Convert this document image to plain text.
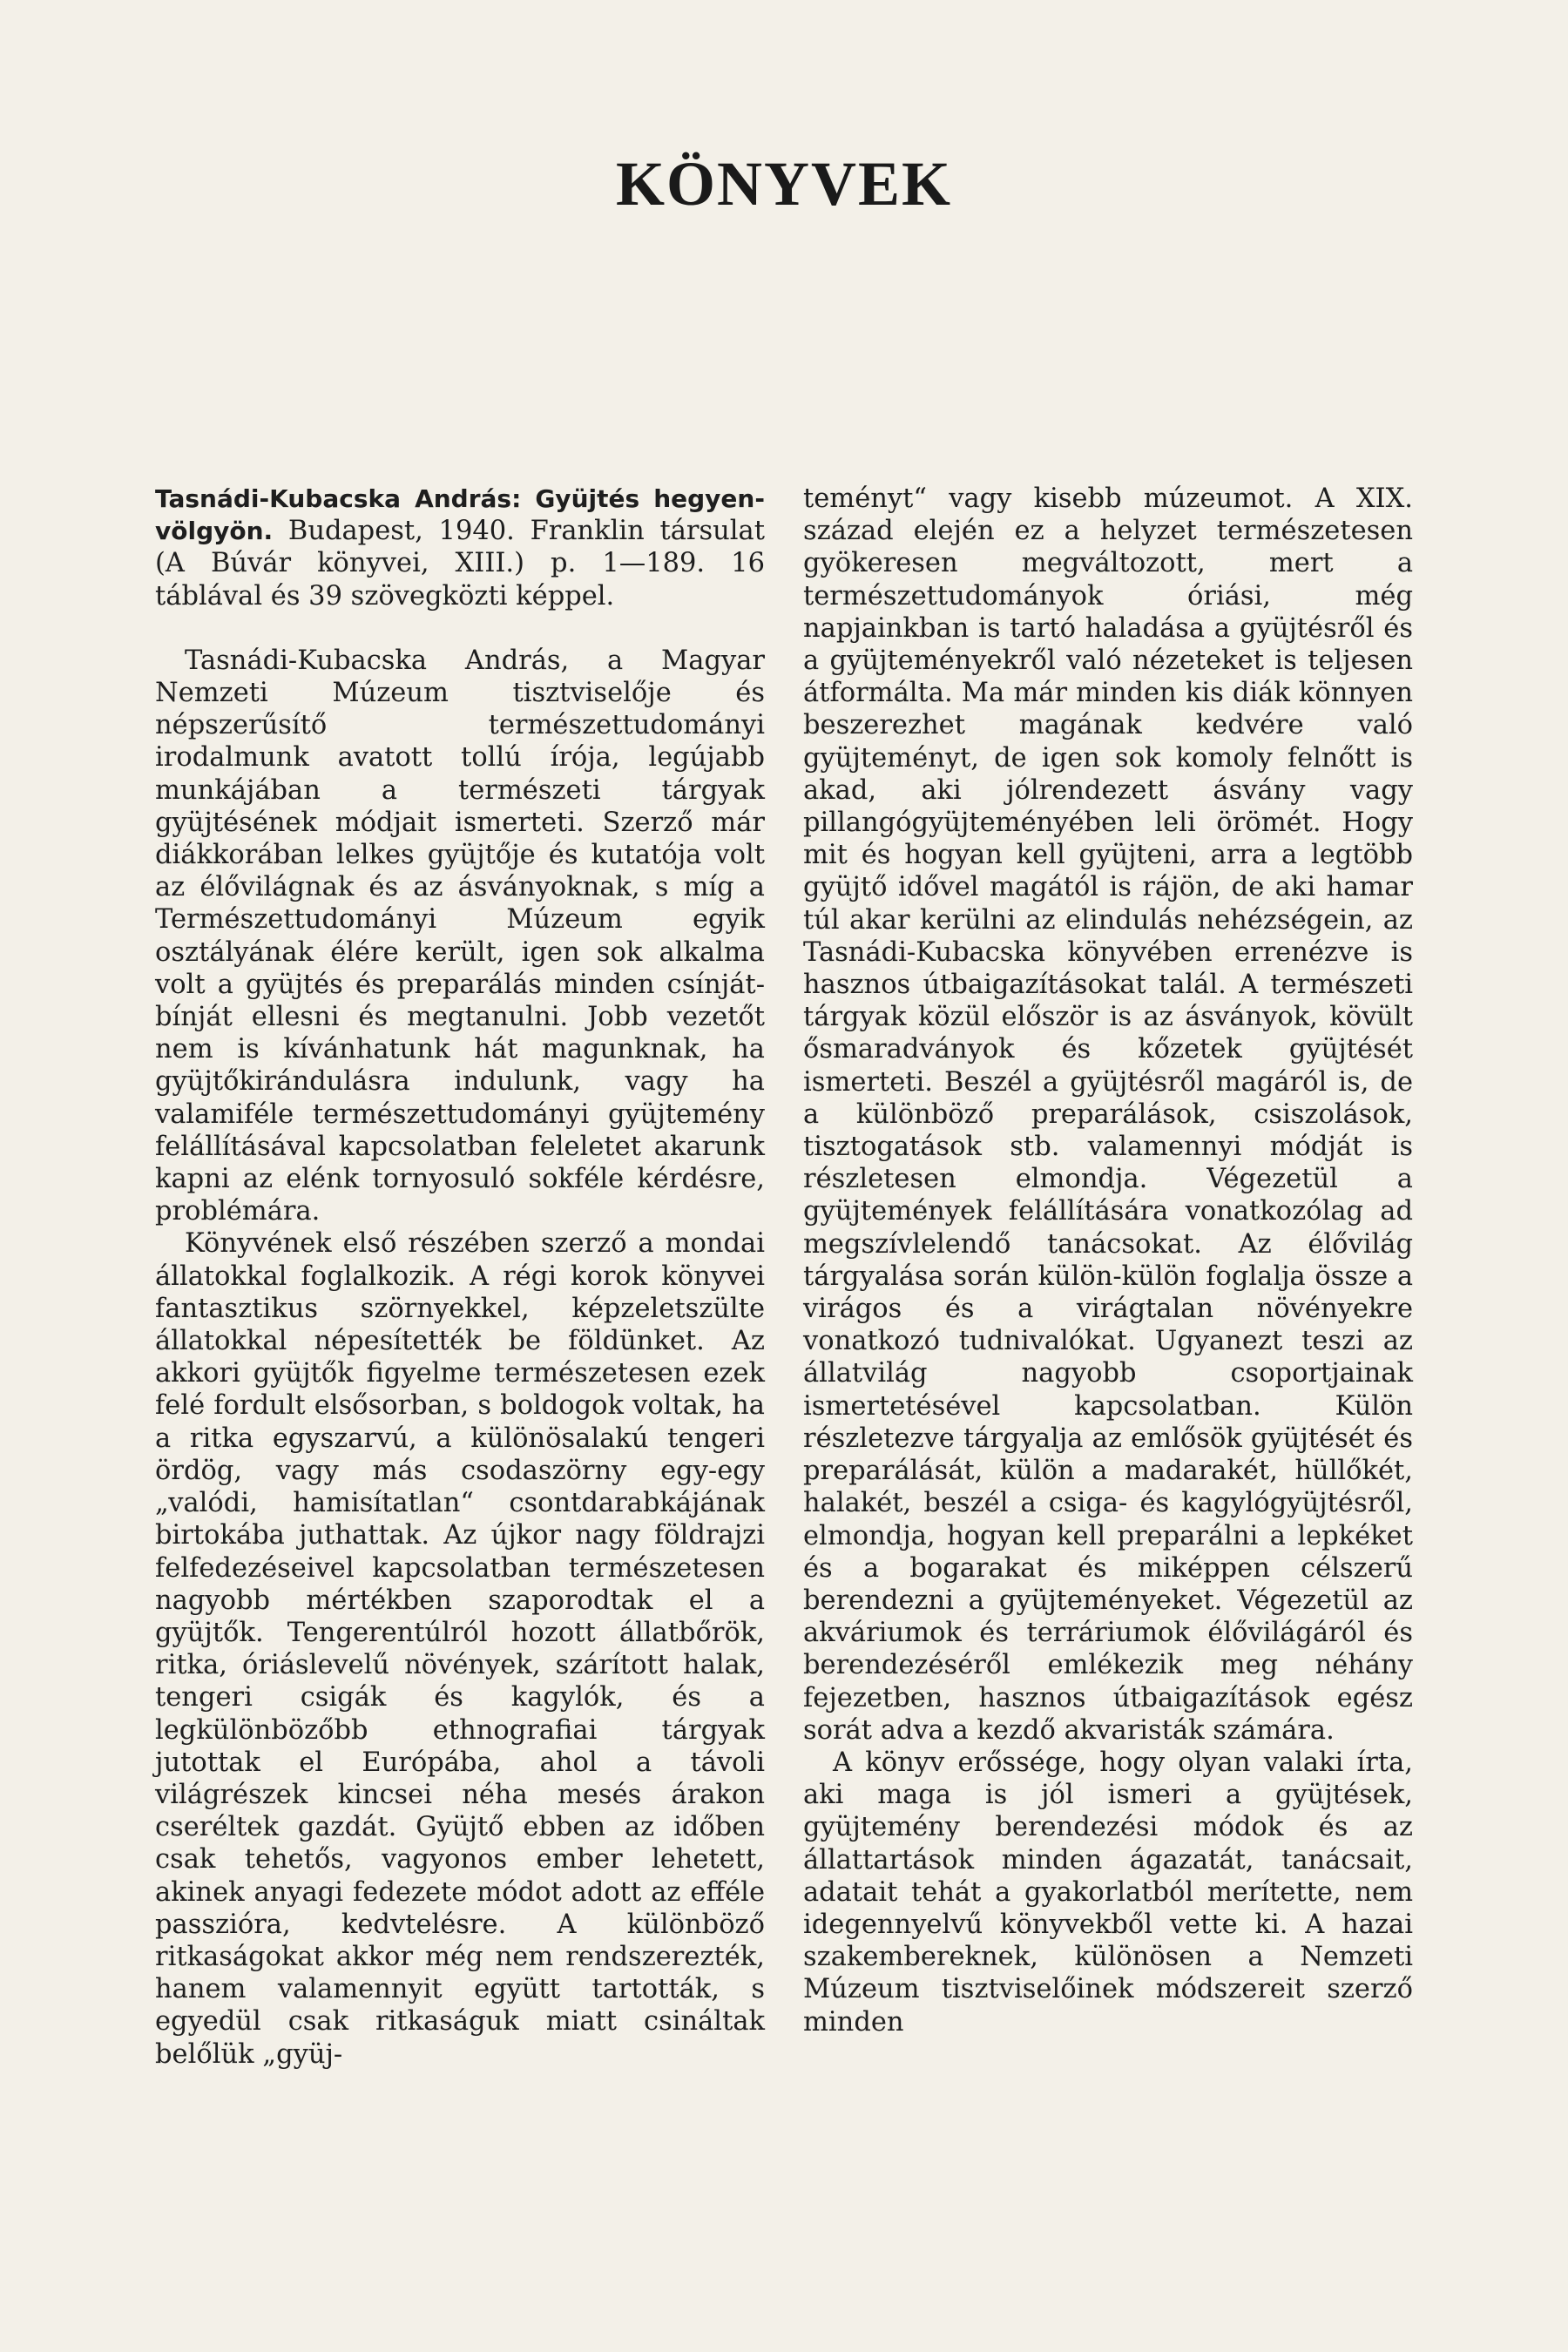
KÖNYVEK

Tasnádi-Kubacska András: Gyüjtés hegyen-völgyön. Budapest, 1940. Franklin társulat (A Búvár könyvei, XIII.) p. 1—189. 16 táblával és 39 szövegközti képpel.

Tasnádi-Kubacska András, a Magyar Nemzeti Múzeum tisztviselője és népszerűsítő természettudományi irodalmunk avatott tollú írója, legújabb munkájában a természeti tárgyak gyüjtésének módjait ismerteti. Szerző már diákkorában lelkes gyüjtője és kutatója volt az élővilágnak és az ásványoknak, s míg a Természettudományi Múzeum egyik osztályának élére került, igen sok alkalma volt a gyüjtés és preparálás minden csínját-bínját ellesni és megtanulni. Jobb vezetőt nem is kívánhatunk hát magunknak, ha gyüjtőkirándulásra indulunk, vagy ha valamiféle természettudományi gyüjtemény felállításával kapcsolatban feleletet akarunk kapni az elénk tornyosuló sokféle kérdésre, problémára.

Könyvének első részében szerző a mondai állatokkal foglalkozik. A régi korok könyvei fantasztikus szörnyekkel, képzeletszülte állatokkal népesítették be földünket. Az akkori gyüjtők figyelme természetesen ezek felé fordult elsősorban, s boldogok voltak, ha a ritka egyszarvú, a különösalakú tengeri ördög, vagy más csodaszörny egy-egy „valódi, hamisítatlan“ csontdarabkájának birtokába juthattak. Az újkor nagy földrajzi felfedezéseivel kapcsolatban természetesen nagyobb mértékben szaporodtak el a gyüjtők. Tengerentúlról hozott állatbőrök, ritka, óriáslevelű növények, szárított halak, tengeri csigák és kagylók, és a legkülönbözőbb ethnografiai tárgyak jutottak el Európába, ahol a távoli világrészek kincsei néha mesés árakon cseréltek gazdát. Gyüjtő ebben az időben csak tehetős, vagyonos ember lehetett, akinek anyagi fedezete módot adott az efféle passzióra, kedvtelésre. A különböző ritkaságokat akkor még nem rendszerezték, hanem valamennyit együtt tartották, s egyedül csak ritkaságuk miatt csináltak belőlük „gyüj-

teményt“ vagy kisebb múzeumot. A XIX. század elején ez a helyzet természetesen gyökeresen megváltozott, mert a természettudományok óriási, még napjainkban is tartó haladása a gyüjtésről és a gyüjteményekről való nézeteket is teljesen átformálta. Ma már minden kis diák könnyen beszerezhet magának kedvére való gyüjteményt, de igen sok komoly felnőtt is akad, aki jólrendezett ásvány vagy pillangógyüjteményében leli örömét. Hogy mit és hogyan kell gyüjteni, arra a legtöbb gyüjtő idővel magától is rájön, de aki hamar túl akar kerülni az elindulás nehézségein, az Tasnádi-Kubacska könyvében errenézve is hasznos útbaigazításokat talál. A természeti tárgyak közül először is az ásványok, kövült ősmaradványok és kőzetek gyüjtését ismerteti. Beszél a gyüjtésről magáról is, de a különböző preparálások, csiszolások, tisztogatások stb. valamennyi módját is részletesen elmondja. Végezetül a gyüjtemények felállítására vonatkozólag ad megszívlelendő tanácsokat. Az élővilág tárgyalása során külön-külön foglalja össze a virágos és a virágtalan növényekre vonatkozó tudnivalókat. Ugyanezt teszi az állatvilág nagyobb csoportjainak ismertetésével kapcsolatban. Külön részletezve tárgyalja az emlősök gyüjtését és preparálását, külön a madarakét, hüllőkét, halakét, beszél a csiga- és kagylógyüjtésről, elmondja, hogyan kell preparálni a lepkéket és a bogarakat és miképpen célszerű berendezni a gyüjteményeket. Végezetül az akváriumok és terráriumok élővilágáról és berendezéséről emlékezik meg néhány fejezetben, hasznos útbaigazítások egész sorát adva a kezdő akvaristák számára.

A könyv erőssége, hogy olyan valaki írta, aki maga is jól ismeri a gyüjtések, gyüjtemény berendezési módok és az állattartások minden ágazatát, tanácsait, adatait tehát a gyakorlatból merítette, nem idegennyelvű könyvekből vette ki. A hazai szakembereknek, különösen a Nemzeti Múzeum tisztviselőinek módszereit szerző minden
